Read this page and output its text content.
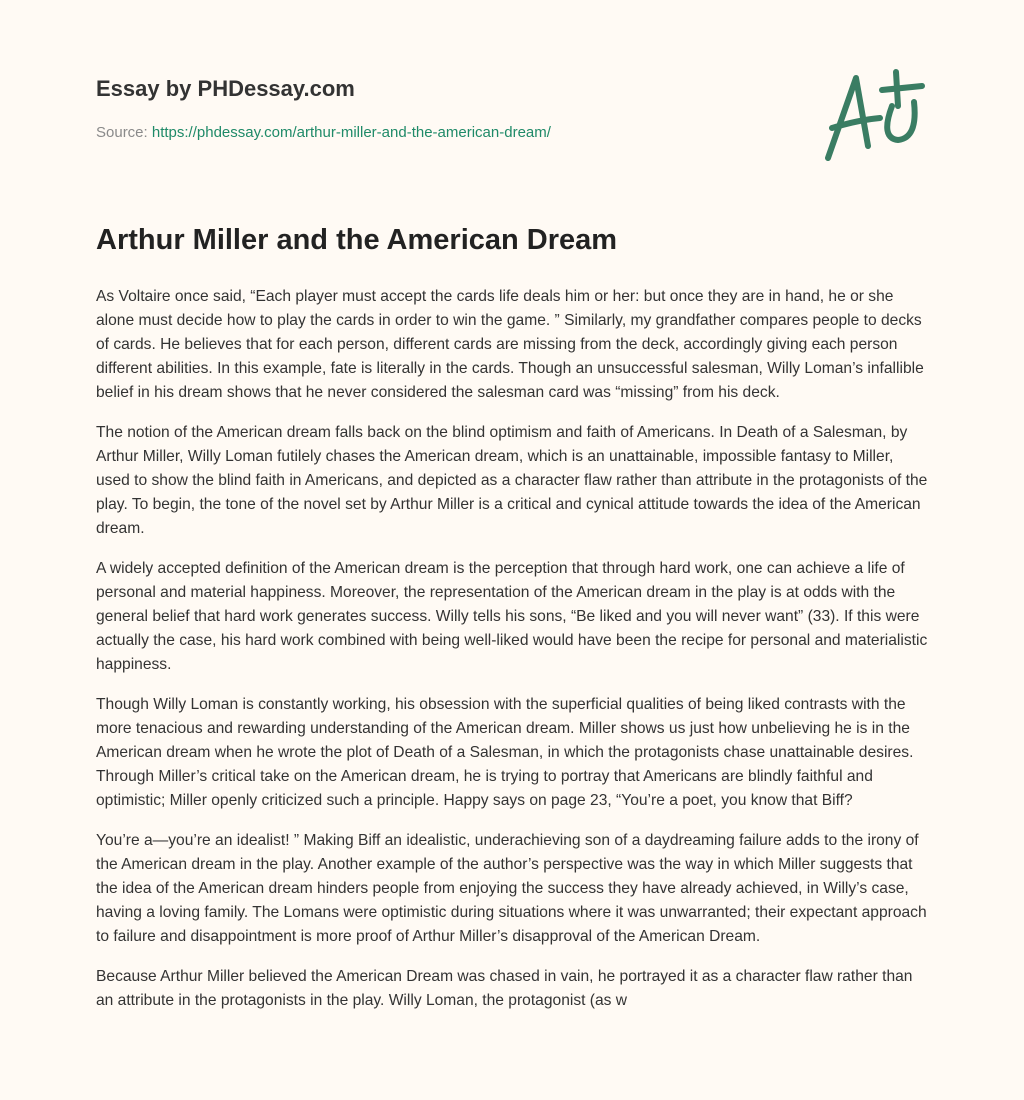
Essay by PHDessay.com
Source: https://phdessay.com/arthur-miller-and-the-american-dream/
Arthur Miller and the American Dream

As Voltaire once said, “Each player must accept the cards life deals him or her: but once they are in hand, he or she alone must decide how to play the cards in order to win the game. ” Similarly, my grandfather compares people to decks of cards. He believes that for each person, different cards are missing from the deck, accordingly giving each person different abilities. In this example, fate is literally in the cards. Though an unsuccessful salesman, Willy Loman’s infallible belief in his dream shows that he never considered the salesman card was “missing” from his deck.

The notion of the American dream falls back on the blind optimism and faith of Americans. In Death of a Salesman, by Arthur Miller, Willy Loman futilely chases the American dream, which is an unattainable, impossible fantasy to Miller, used to show the blind faith in Americans, and depicted as a character flaw rather than attribute in the protagonists of the play. To begin, the tone of the novel set by Arthur Miller is a critical and cynical attitude towards the idea of the American dream.

A widely accepted definition of the American dream is the perception that through hard work, one can achieve a life of personal and material happiness. Moreover, the representation of the American dream in the play is at odds with the general belief that hard work generates success. Willy tells his sons, “Be liked and you will never want” (33). If this were actually the case, his hard work combined with being well-liked would have been the recipe for personal and materialistic happiness.

Though Willy Loman is constantly working, his obsession with the superficial qualities of being liked contrasts with the more tenacious and rewarding understanding of the American dream. Miller shows us just how unbelieving he is in the American dream when he wrote the plot of Death of a Salesman, in which the protagonists chase unattainable desires. Through Miller’s critical take on the American dream, he is trying to portray that Americans are blindly faithful and optimistic; Miller openly criticized such a principle. Happy says on page 23, “You’re a poet, you know that Biff?

You’re a—you’re an idealist! ” Making Biff an idealistic, underachieving son of a daydreaming failure adds to the irony of the American dream in the play. Another example of the author’s perspective was the way in which Miller suggests that the idea of the American dream hinders people from enjoying the success they have already achieved, in Willy’s case, having a loving family. The Lomans were optimistic during situations where it was unwarranted; their expectant approach to failure and disappointment is more proof of Arthur Miller’s disapproval of the American Dream.

Because Arthur Miller believed the American Dream was chased in vain, he portrayed it as a character flaw rather than an attribute in the protagonists in the play. Willy Loman, the protagonist (as w
